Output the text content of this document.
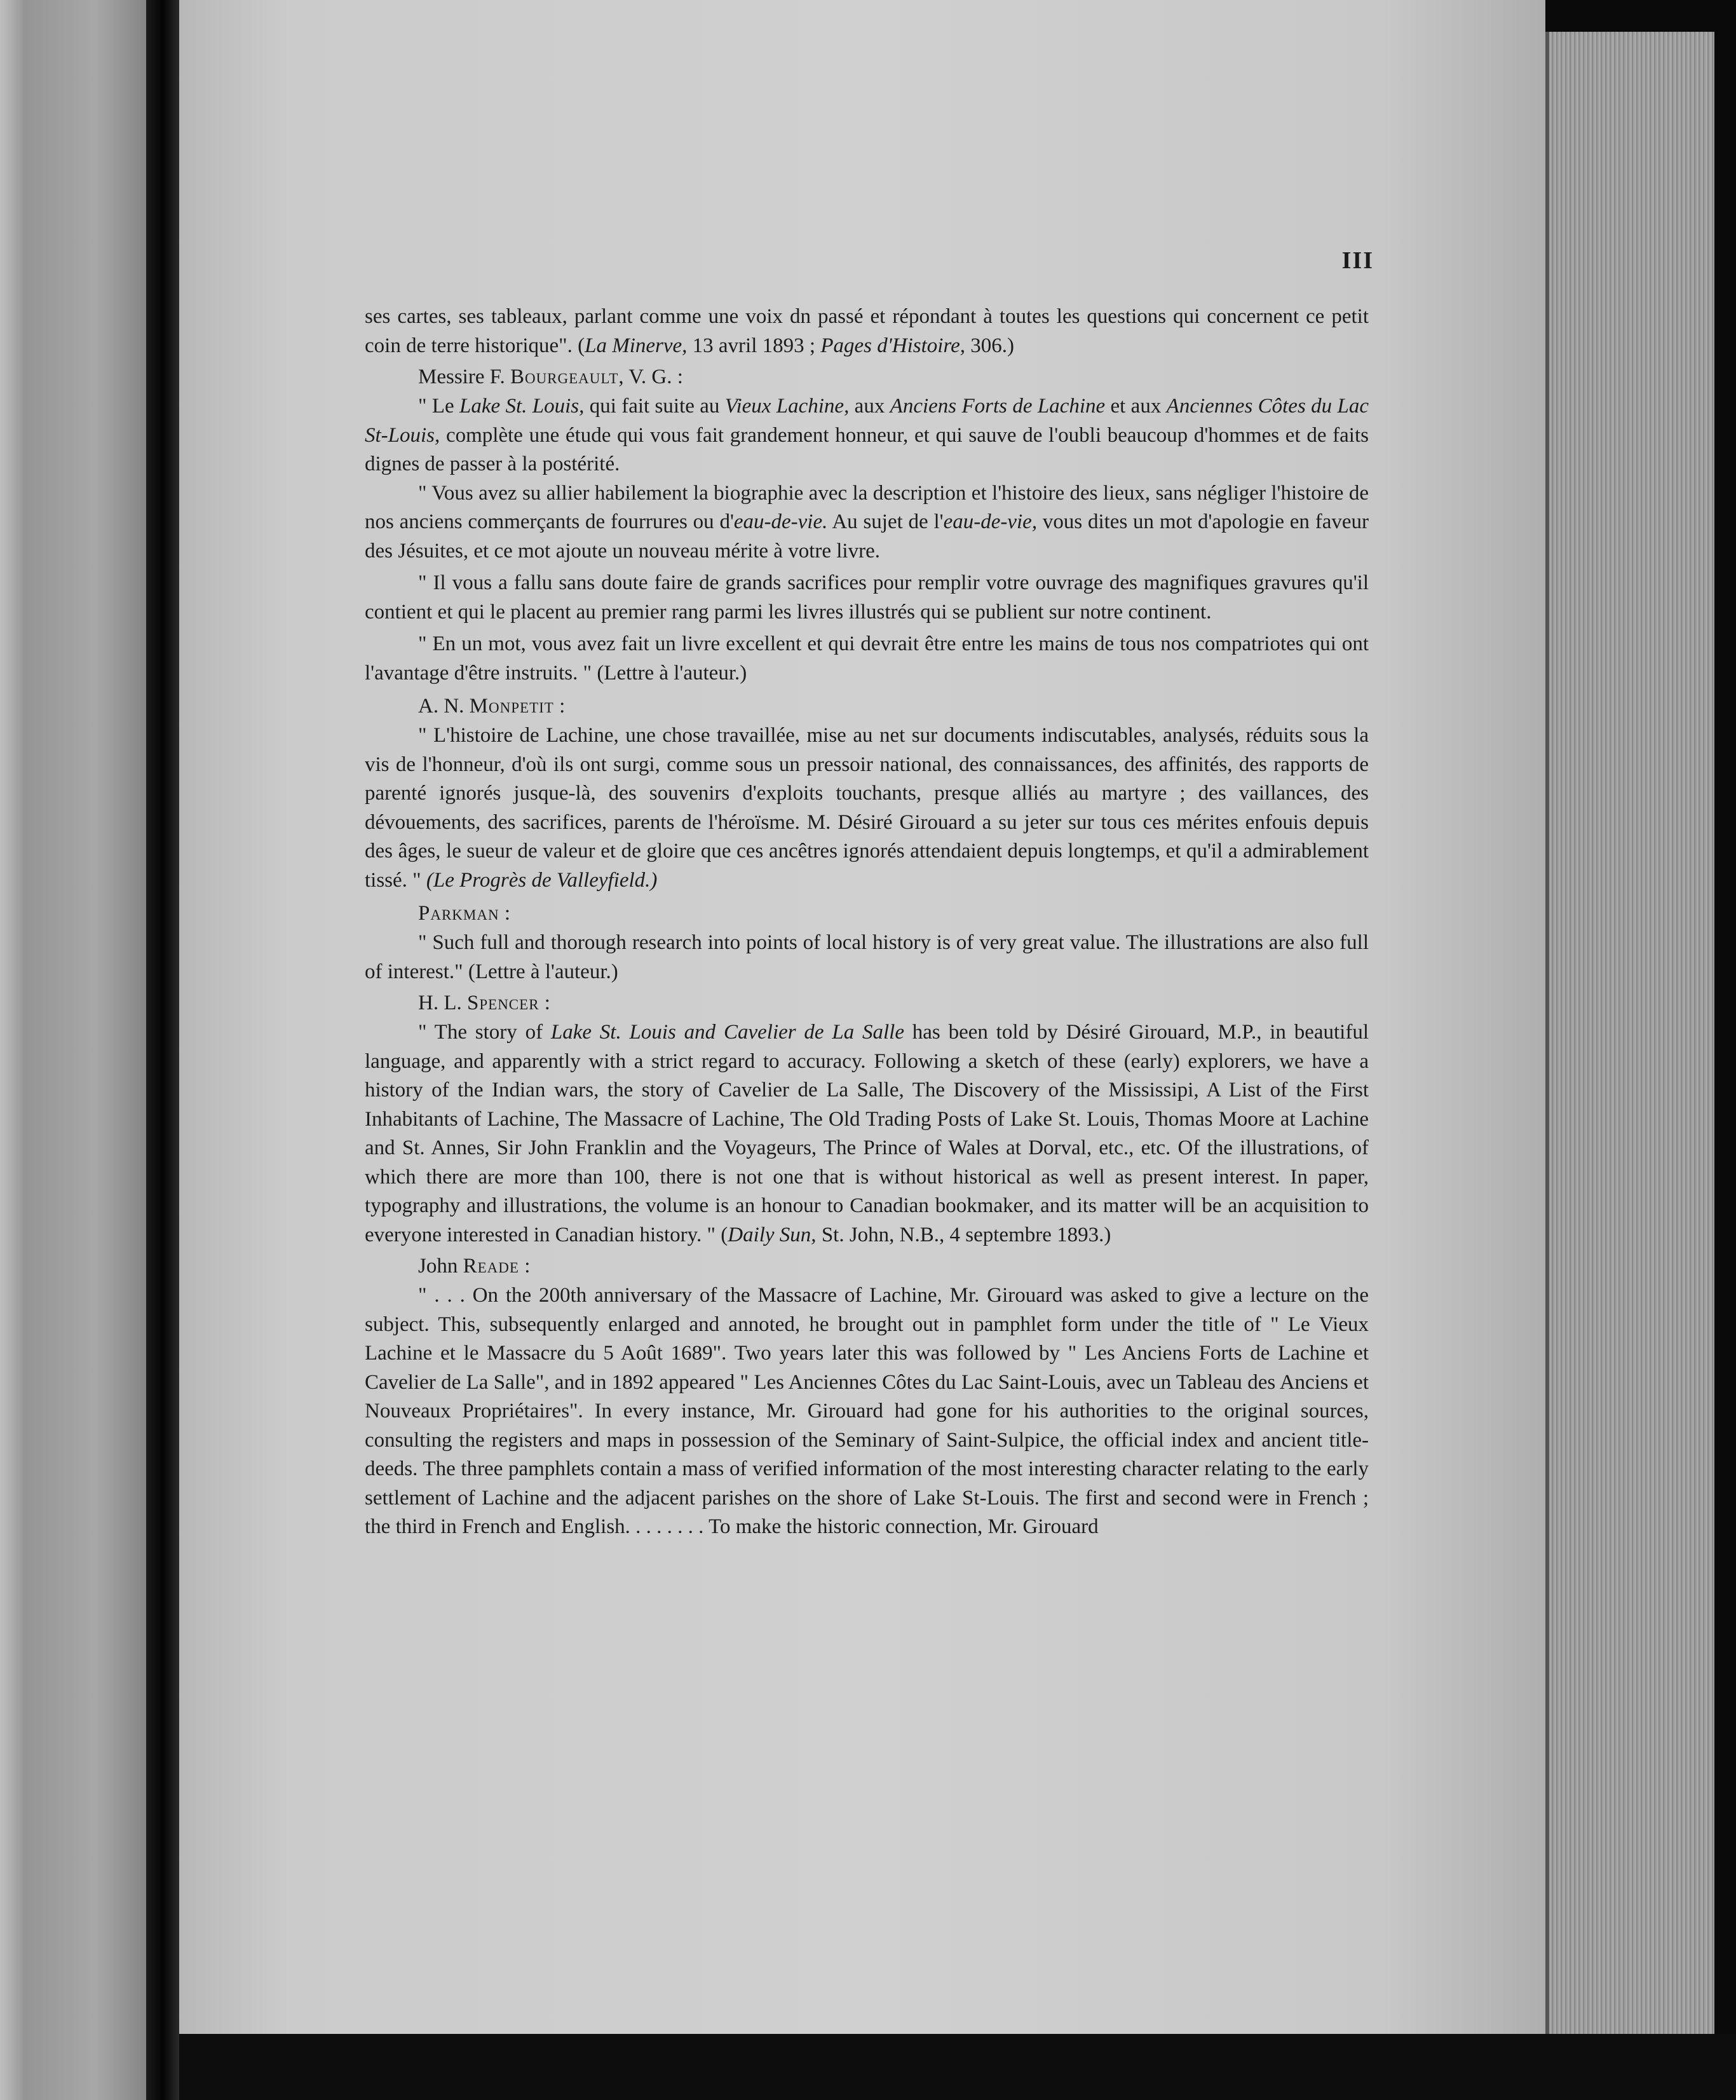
III

ses cartes, ses tableaux, parlant comme une voix dn passé et répondant à toutes les questions qui concernent ce petit coin de terre historique". (La Minerve, 13 avril 1893 ; Pages d'Histoire, 306.)

Messire F. Bourgeault, V. G. :

" Le Lake St. Louis, qui fait suite au Vieux Lachine, aux Anciens Forts de Lachine et aux Anciennes Côtes du Lac St-Louis, complète une étude qui vous fait grandement honneur, et qui sauve de l'oubli beaucoup d'hommes et de faits dignes de passer à la postérité.

" Vous avez su allier habilement la biographie avec la description et l'histoire des lieux, sans négliger l'histoire de nos anciens commerçants de fourrures ou d'eau-de-vie. Au sujet de l'eau-de-vie, vous dites un mot d'apologie en faveur des Jésuites, et ce mot ajoute un nouveau mérite à votre livre.

" Il vous a fallu sans doute faire de grands sacrifices pour remplir votre ouvrage des magnifiques gravures qu'il contient et qui le placent au premier rang parmi les livres illustrés qui se publient sur notre continent.

" En un mot, vous avez fait un livre excellent et qui devrait être entre les mains de tous nos compatriotes qui ont l'avantage d'être instruits. " (Lettre à l'auteur.)

A. N. Monpetit :

" L'histoire de Lachine, une chose travaillée, mise au net sur documents indiscutables, analysés, réduits sous la vis de l'honneur, d'où ils ont surgi, comme sous un pressoir national, des connaissances, des affinités, des rapports de parenté ignorés jusque-là, des souvenirs d'exploits touchants, presque alliés au martyre ; des vaillances, des dévouements, des sacrifices, parents de l'héroïsme. M. Désiré Girouard a su jeter sur tous ces mérites enfouis depuis des âges, le sueur de valeur et de gloire que ces ancêtres ignorés attendaient depuis longtemps, et qu'il a admirablement tissé. " (Le Progrès de Valleyfield.)

Parkman :

" Such full and thorough research into points of local history is of very great value. The illustrations are also full of interest." (Lettre à l'auteur.)

H. L. Spencer :

" The story of Lake St. Louis and Cavelier de La Salle has been told by Désiré Girouard, M.P., in beautiful language, and apparently with a strict regard to accuracy. Following a sketch of these (early) explorers, we have a history of the Indian wars, the story of Cavelier de La Salle, The Discovery of the Mississipi, A List of the First Inhabitants of Lachine, The Massacre of Lachine, The Old Trading Posts of Lake St. Louis, Thomas Moore at Lachine and St. Annes, Sir John Franklin and the Voyageurs, The Prince of Wales at Dorval, etc., etc. Of the illustrations, of which there are more than 100, there is not one that is without historical as well as present interest. In paper, typography and illustrations, the volume is an honour to Canadian bookmaker, and its matter will be an acquisition to everyone interested in Canadian history. " (Daily Sun, St. John, N.B., 4 septembre 1893.)

John Reade :

" . . . On the 200th anniversary of the Massacre of Lachine, Mr. Girouard was asked to give a lecture on the subject. This, subsequently enlarged and annoted, he brought out in pamphlet form under the title of " Le Vieux Lachine et le Massacre du 5 Août 1689". Two years later this was followed by " Les Anciens Forts de Lachine et Cavelier de La Salle", and in 1892 appeared " Les Anciennes Côtes du Lac Saint-Louis, avec un Tableau des Anciens et Nouveaux Propriétaires". In every instance, Mr. Girouard had gone for his authorities to the original sources, consulting the registers and maps in possession of the Seminary of Saint-Sulpice, the official index and ancient title-deeds. The three pamphlets contain a mass of verified information of the most interesting character relating to the early settlement of Lachine and the adjacent parishes on the shore of Lake St-Louis. The first and second were in French ; the third in French and English. . . . . . . . To make the historic connection, Mr. Girouard
